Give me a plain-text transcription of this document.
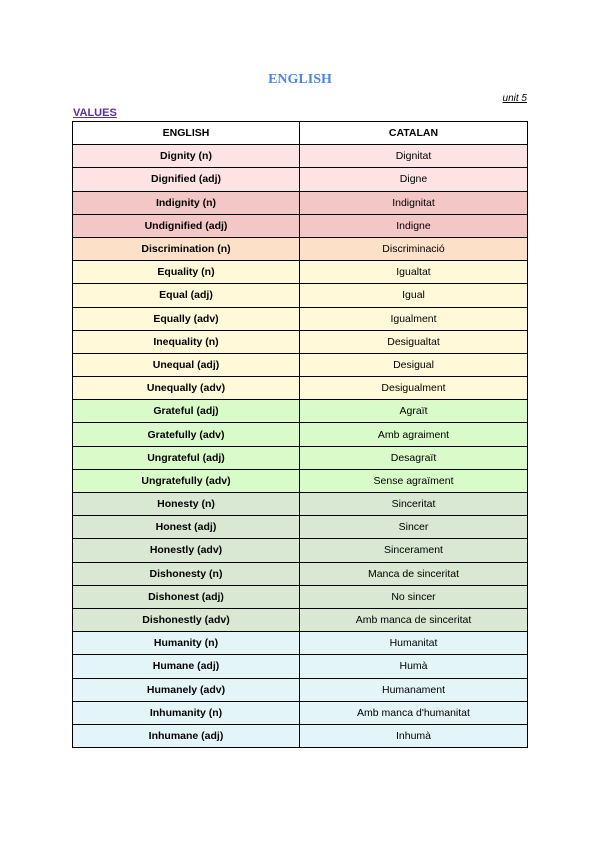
ENGLISH
unit 5
VALUES
ENGLISH	CATALAN
Dignity (n)	Dignitat
Dignified (adj)	Digne
Indignity (n)	Indignitat
Undignified (adj)	Indigne
Discrimination (n)	Discriminació
Equality (n)	Igualtat
Equal (adj)	Igual
Equally (adv)	Igualment
Inequality (n)	Desigualtat
Unequal (adj)	Desigual
Unequally (adv)	Desigualment
Grateful (adj)	Agraït
Gratefully (adv)	Amb agraiment
Ungrateful (adj)	Desagraït
Ungratefully (adv)	Sense agraïment
Honesty (n)	Sinceritat
Honest (adj)	Sincer
Honestly (adv)	Sincerament
Dishonesty (n)	Manca de sinceritat
Dishonest (adj)	No sincer
Dishonestly (adv)	Amb manca de sinceritat
Humanity (n)	Humanitat
Humane (adj)	Humà
Humanely (adv)	Humanament
Inhumanity (n)	Amb manca d'humanitat
Inhumane (adj)	Inhumà
